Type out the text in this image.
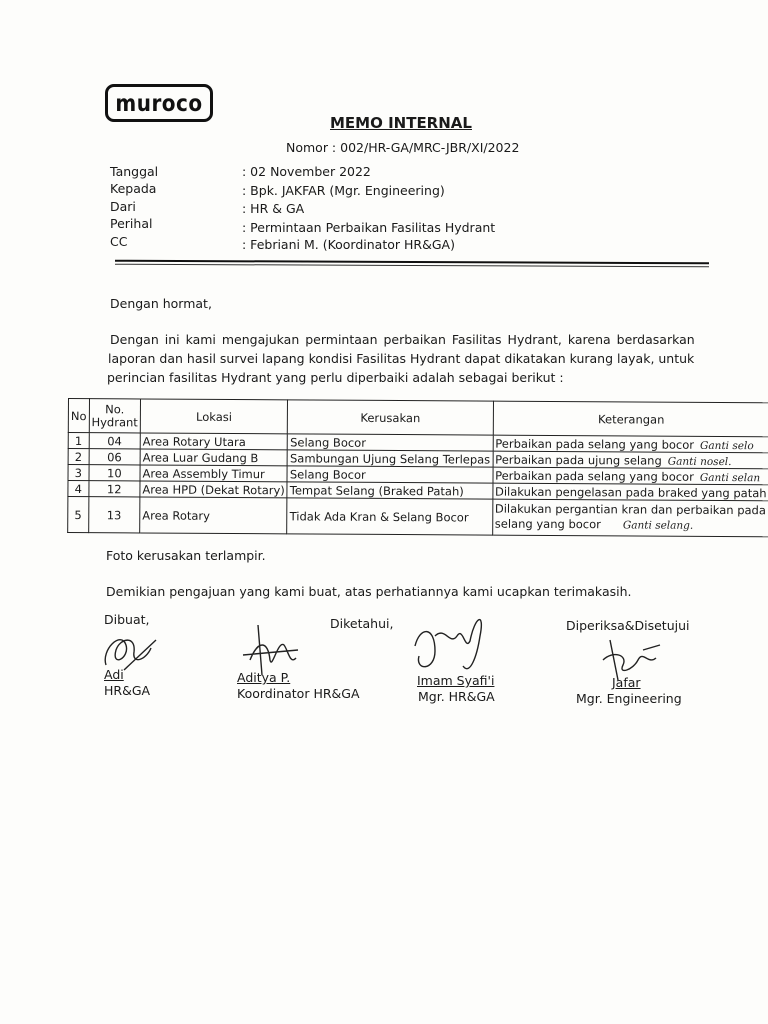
muroco
MEMO INTERNAL
Nomor : 002/HR-GA/MRC-JBR/XI/2022
Tanggal	: 02 November 2022
Kepada	: Bpk. JAKFAR (Mgr. Engineering)
Dari	: HR & GA
Perihal	: Permintaan Perbaikan Fasilitas Hydrant
CC	: Febriani M. (Koordinator HR&GA)
Dengan hormat,
Dengan ini kami mengajukan permintaan perbaikan Fasilitas Hydrant, karena berdasarkan
laporan dan hasil survei lapang kondisi Fasilitas Hydrant dapat dikatakan kurang layak, untuk
perincian fasilitas Hydrant yang perlu diperbaiki adalah sebagai berikut :
No	No. Hydrant	Lokasi	Kerusakan	Keterangan
1	04	Area Rotary Utara	Selang Bocor	Perbaikan pada selang yang bocor Ganti selo
2	06	Area Luar Gudang B	Sambungan Ujung Selang Terlepas	Perbaikan pada ujung selang Ganti nosel.
3	10	Area Assembly Timur	Selang Bocor	Perbaikan pada selang yang bocor Ganti selan
4	12	Area HPD (Dekat Rotary)	Tempat Selang (Braked Patah)	Dilakukan pengelasan pada braked yang patah
5	13	Area Rotary	Tidak Ada Kran & Selang Bocor	Dilakukan pergantian kran dan perbaikan pada
selang yang bocor Ganti selang.
Foto kerusakan terlampir.
Demikian pengajuan yang kami buat, atas perhatiannya kami ucapkan terimakasih.
Dibuat,	Diketahui,	Diperiksa&Disetujui
Adi
HR&GA
Aditya P.
Koordinator HR&GA
Imam Syafi'i
Mgr. HR&GA
Jafar
Mgr. Engineering
